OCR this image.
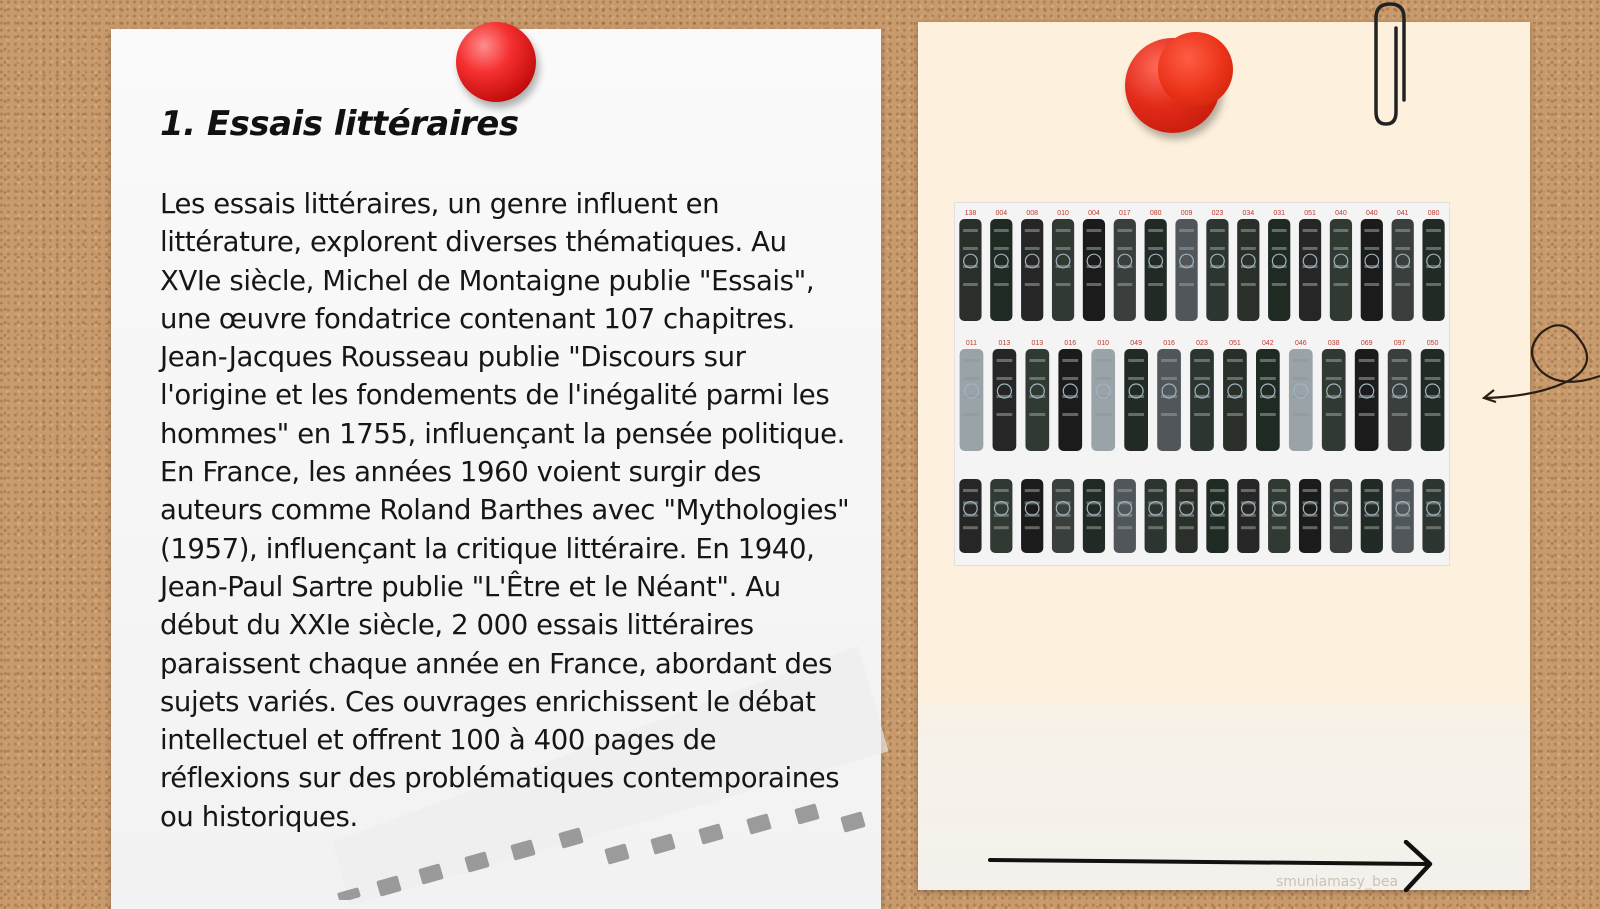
1. Essais littéraires

Les essais littéraires, un genre influent en littérature, explorent diverses thématiques. Au XVIe siècle, Michel de Montaigne publie "Essais", une œuvre fondatrice contenant 107 chapitres. Jean-Jacques Rousseau publie "Discours sur l'origine et les fondements de l'inégalité parmi les hommes" en 1755, influençant la pensée politique. En France, les années 1960 voient surgir des auteurs comme Roland Barthes avec "Mythologies" (1957), influençant la critique littéraire. En 1940, Jean-Paul Sartre publie "L'Être et le Néant". Au début du XXIe siècle, 2 000 essais littéraires paraissent chaque année en France, abordant des sujets variés. Ces ouvrages enrichissent le débat intellectuel et offrent 100 à 400 pages de réflexions sur des problématiques contemporaines ou historiques.

138	004	008	010	004	017	080	009	023	034	031	051	040	040	041	080
011	013	013	016	010	049	016	023	051	042	046	038	069	097	050
smuniamasy_bea
